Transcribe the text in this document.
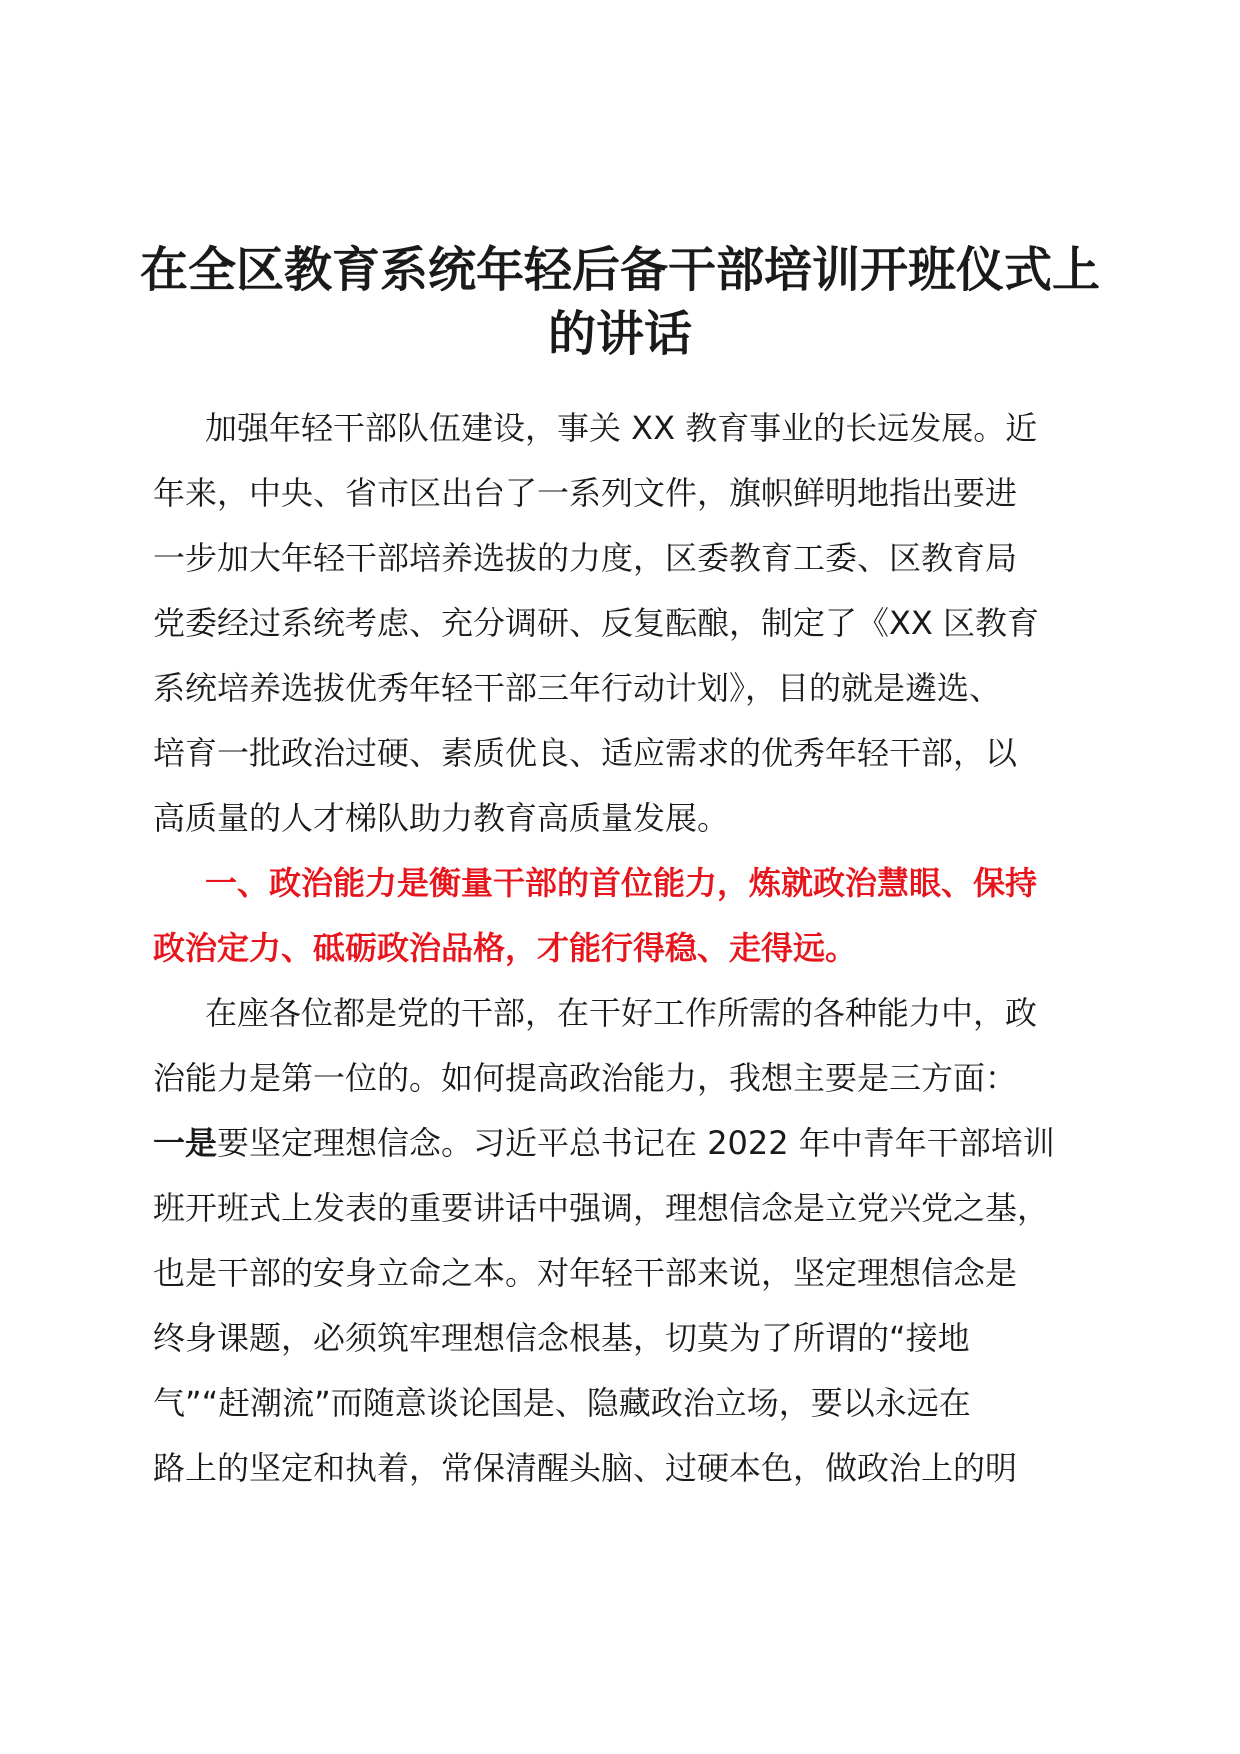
在全区教育系统年轻后备干部培训开班仪式上
的讲话
加强年轻干部队伍建设，事关 XX 教育事业的长远发展。近
年来，中央、省市区出台了一系列文件，旗帜鲜明地指出要进
一步加大年轻干部培养选拔的力度，区委教育工委、区教育局
党委经过系统考虑、充分调研、反复酝酿，制定了《XX 区教育
系统培养选拔优秀年轻干部三年行动计划》，目的就是遴选、
培育一批政治过硬、素质优良、适应需求的优秀年轻干部，以
高质量的人才梯队助力教育高质量发展。
一、政治能力是衡量干部的首位能力，炼就政治慧眼、保持
政治定力、砥砺政治品格，才能行得稳、走得远。
在座各位都是党的干部，在干好工作所需的各种能力中，政
治能力是第一位的。如何提高政治能力，我想主要是三方面：
一是要坚定理想信念。习近平总书记在 2022 年中青年干部培训
班开班式上发表的重要讲话中强调，理想信念是立党兴党之基，
也是干部的安身立命之本。对年轻干部来说，坚定理想信念是
终身课题，必须筑牢理想信念根基，切莫为了所谓的“接地
气”“赶潮流”而随意谈论国是、隐藏政治立场，要以永远在
路上的坚定和执着，常保清醒头脑、过硬本色，做政治上的明
